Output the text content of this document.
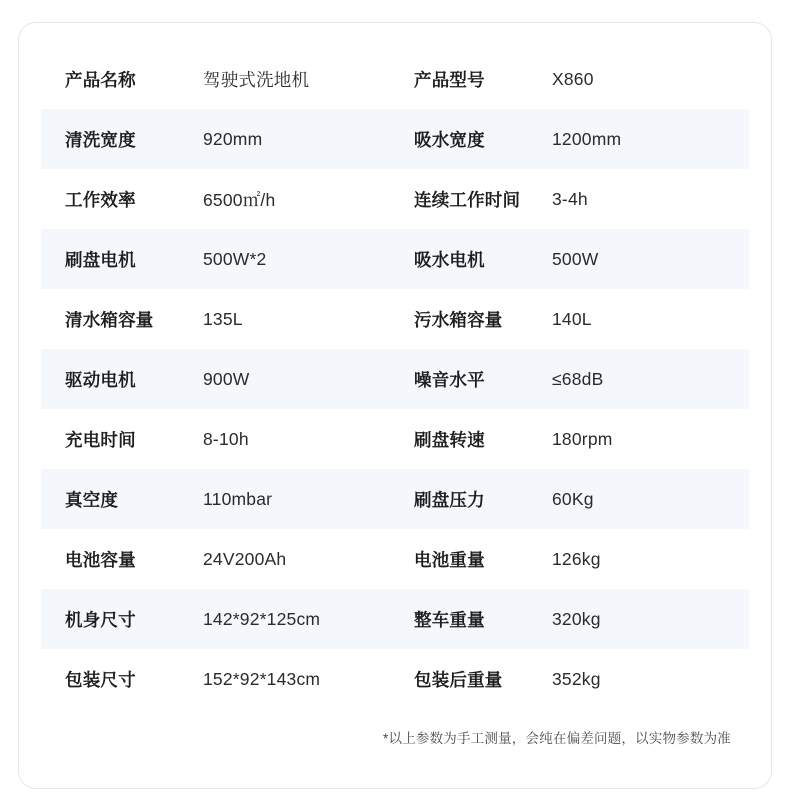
产品名称	驾驶式洗地机	产品型号	X860
清洗宽度	920mm	吸水宽度	1200mm
工作效率	6500㎡/h	连续工作时间	3-4h
刷盘电机	500W*2	吸水电机	500W
清水箱容量	135L	污水箱容量	140L
驱动电机	900W	噪音水平	≤68dB
充电时间	8-10h	刷盘转速	180rpm
真空度	110mbar	刷盘压力	60Kg
电池容量	24V200Ah	电池重量	126kg
机身尺寸	142*92*125cm	整车重量	320kg
包装尺寸	152*92*143cm	包装后重量	352kg
*以上参数为手工测量，会纯在偏差问题，以实物参数为准
